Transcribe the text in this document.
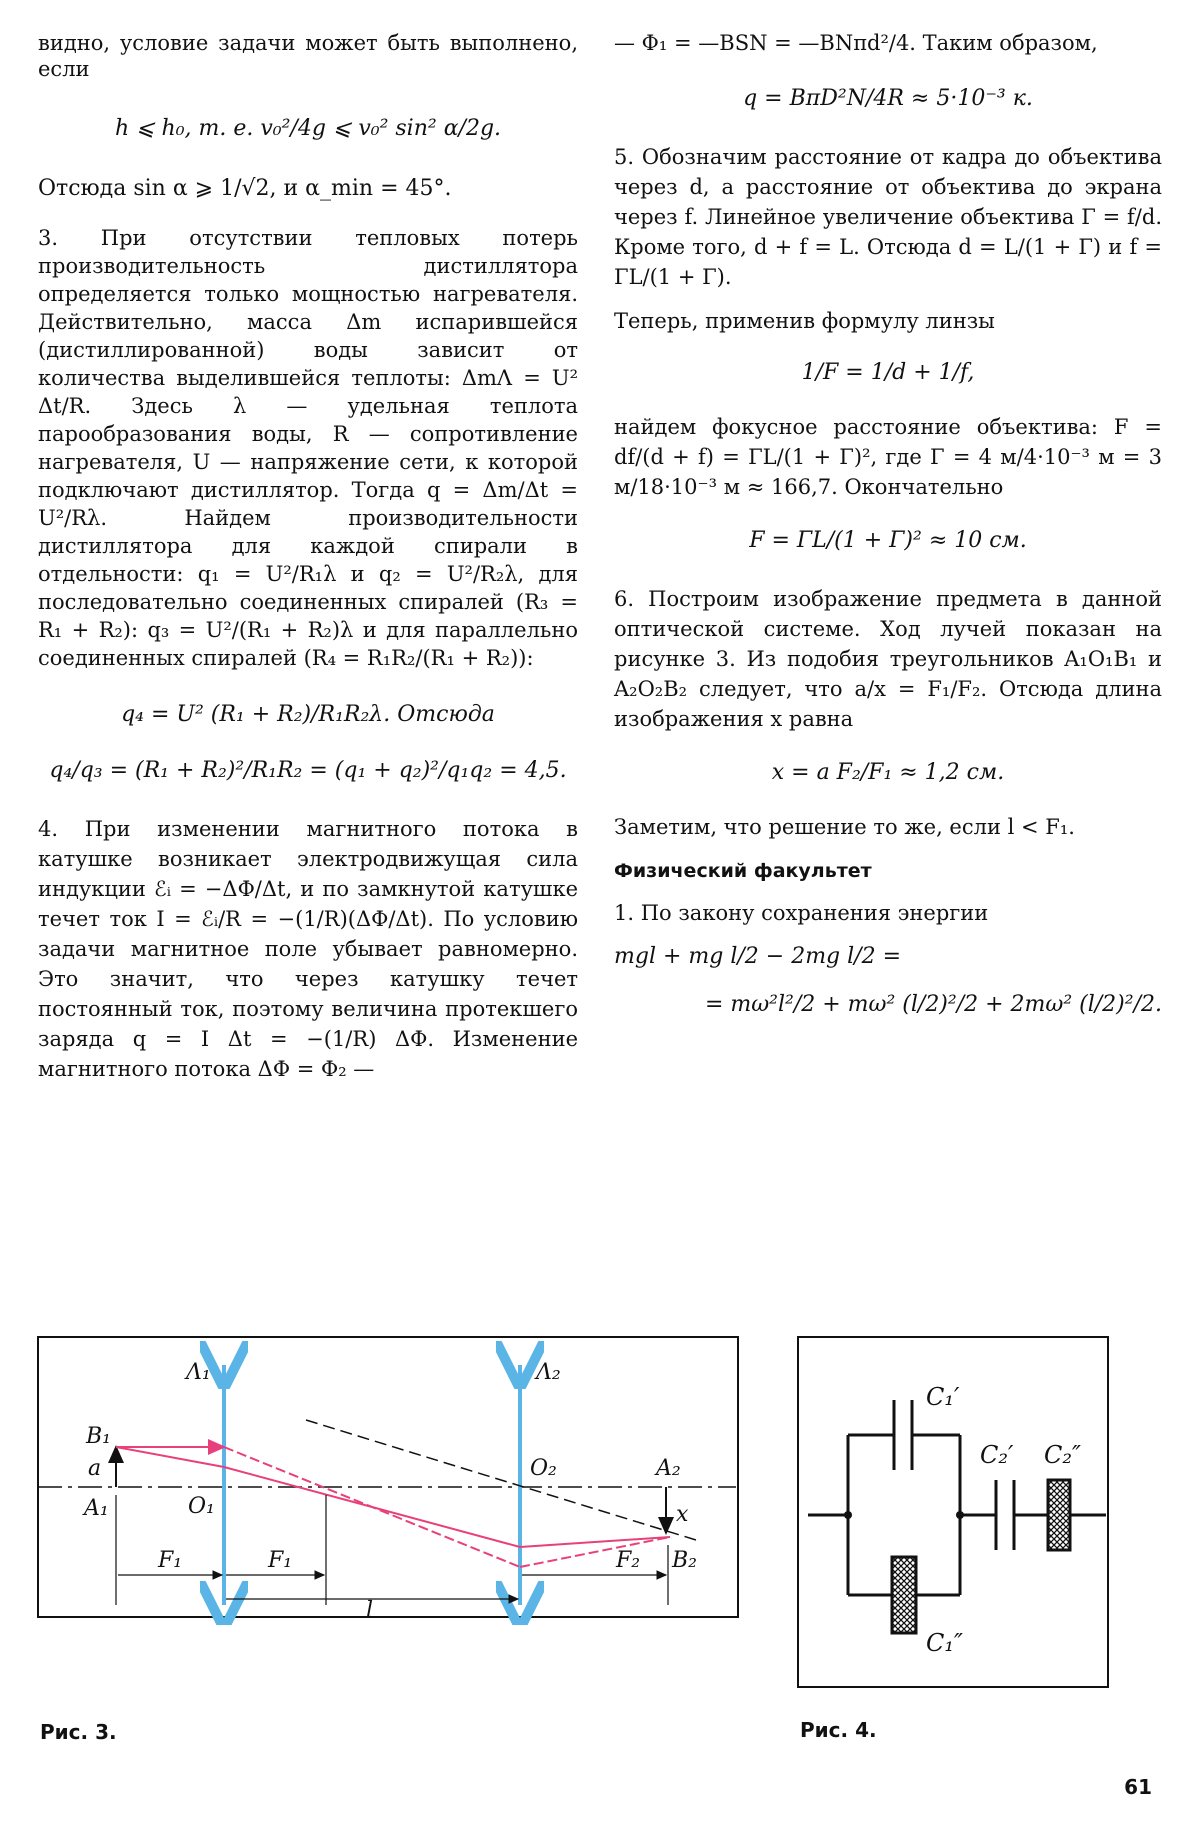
видно, условие задачи может быть выполнено, если

h ⩽ h₀, т. е. v₀²/4g ⩽ v₀² sin² α/2g.
Отсюда sin α ⩾ 1/√2, и α_min = 45°.

3. При отсутствии тепловых потерь производительность дистиллятора определяется только мощностью нагревателя. Действительно, масса Δm испарившейся (дистиллированной) воды зависит от количества выделившейся теплоты: ΔmΛ = U² Δt/R. Здесь λ — удельная теплота парообразования воды, R — сопротивление нагревателя, U — напряжение сети, к которой подключают дистиллятор. Тогда q = Δm/Δt = U²/Rλ. Найдем производительности дистиллятора для каждой спирали в отдельности: q₁ = U²/R₁λ и q₂ = U²/R₂λ, для последовательно соединенных спиралей (R₃ = R₁ + R₂): q₃ = U²/(R₁ + R₂)λ и для параллельно соединенных спиралей (R₄ = R₁R₂/(R₁ + R₂)):

q₄ = U² (R₁ + R₂)/R₁R₂λ. Отсюда
q₄/q₃ = (R₁ + R₂)²/R₁R₂ = (q₁ + q₂)²/q₁q₂ = 4,5.

4. При изменении магнитного потока в катушке возникает электродвижущая сила индукции ℰᵢ = −ΔΦ/Δt, и по замкнутой катушке течет ток I = ℰᵢ/R = −(1/R)(ΔΦ/Δt). По условию задачи магнитное поле убывает равномерно. Это значит, что через катушку течет постоянный ток, поэтому величина протекшего заряда q = I Δt = −(1/R) ΔΦ. Изменение магнитного потока ΔΦ = Φ₂ —

— Φ₁ = —BSN = —BNπd²/4. Таким образом,

q = BπD²N/4R ≈ 5·10⁻³ к.

5. Обозначим расстояние от кадра до объектива через d, а расстояние от объектива до экрана через f. Линейное увеличение объектива Γ = f/d. Кроме того, d + f = L. Отсюда d = L/(1 + Γ) и f = ΓL/(1 + Γ).

Теперь, применив формулу линзы

1/F = 1/d + 1/f,

найдем фокусное расстояние объектива: F = df/(d + f) = ΓL/(1 + Γ)², где Γ = 4 м/4·10⁻³ м = 3 м/18·10⁻³ м ≈ 166,7. Окончательно

F = ΓL/(1 + Γ)² ≈ 10 см.

6. Построим изображение предмета в данной оптической системе. Ход лучей показан на рисунке 3. Из подобия треугольников A₁O₁B₁ и A₂O₂B₂ следует, что a/x = F₁/F₂. Отсюда длина изображения x равна

x = a F₂/F₁ ≈ 1,2 см.

Заметим, что решение то же, если l < F₁.

Физический факультет

1. По закону сохранения энергии

mgl + mg l/2 − 2mg l/2 =
= mω²l²/2 + mω² (l/2)²/2 + 2mω² (l/2)²/2.
Λ₁	Λ₂
B₁
a
A₁	O₁
O₂	A₂
x
B₂
F₁	F₁
l
F₂
Рис. 3.
C₁′
C₂′ C₂″
C₁″
Рис. 4.
61
